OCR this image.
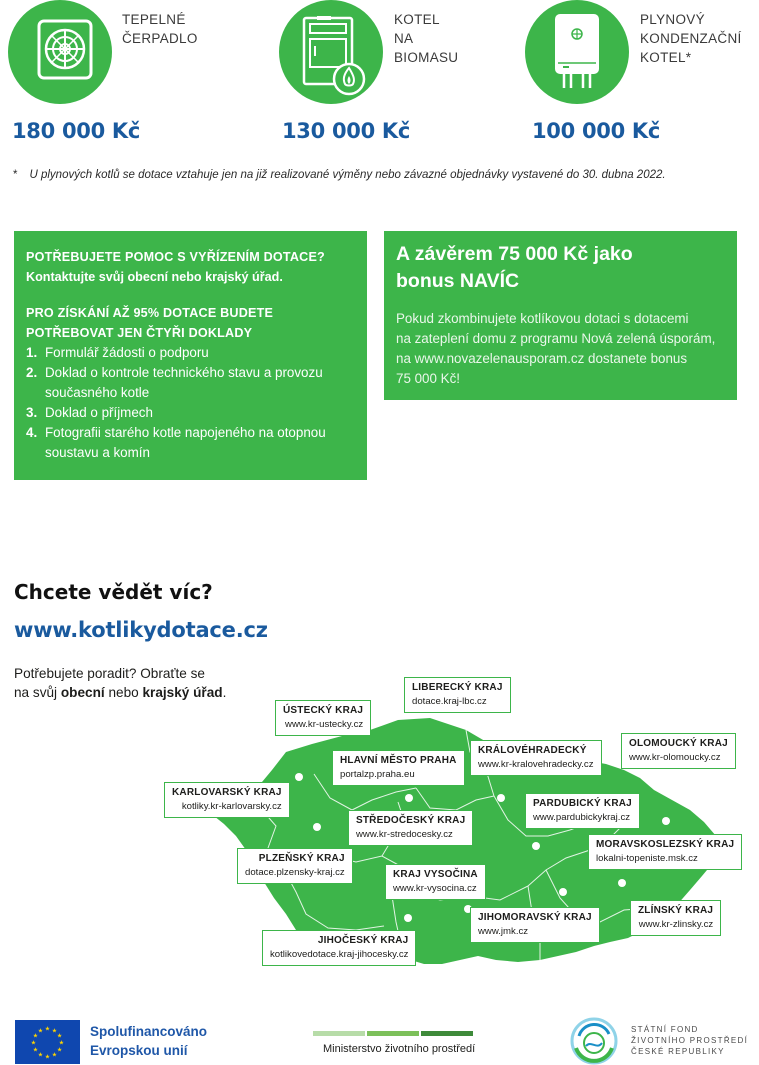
TEPELNÉ
ČERPADLO
180 000 Kč
KOTEL
NA BIOMASU
130 000 Kč
PLYNOVÝ
KONDENZAČNÍ
KOTEL*
100 000 Kč
* U plynových kotlů se dotace vztahuje jen na již realizované výměny nebo závazné objednávky vystavené do 30. dubna 2022.
POTŘEBUJETE POMOC S VYŘÍZENÍM DOTACE?
Kontaktujte svůj obecní nebo krajský úřad.
PRO ZÍSKÁNÍ AŽ 95% DOTACE BUDETE POTŘEBOVAT JEN ČTYŘI DOKLADY
1. Formulář žádosti o podporu
2. Doklad o kontrole technického stavu a provozu současného kotle
3. Doklad o příjmech
4. Fotografii starého kotle napojeného na otopnou soustavu a komín
A závěrem 75 000 Kč jako
bonus NAVÍC
Pokud zkombinujete kotlíkovou dotaci s dotacemi
na zateplení domu z programu Nová zelená úsporám,
na www.novazelenausporam.cz dostanete bonus
75 000 Kč!
Chcete vědět víc?
www.kotlikydotace.cz
Potřebujete poradit? Obraťte se
na svůj obecní nebo krajský úřad.	LIBERECKÝ KRAJ
dotace.kraj-lbc.cz
ÚSTECKÝ KRAJ
www.kr-ustecky.cz
HLAVNÍ MĚSTO PRAHA
portalzp.praha.eu
KRÁLOVÉHRADECKÝ
www.kr-kralovehradecky.cz
OLOMOUCKÝ KRAJ
www.kr-olomoucky.cz
KARLOVARSKÝ KRAJ
kotliky.kr-karlovarsky.cz	PARDUBICKÝ KRAJ
www.pardubickykraj.cz
STŘEDOČESKÝ KRAJ
www.kr-stredocesky.cz
MORAVSKOSLEZSKÝ KRAJ
lokalni-topeniste.msk.cz
PLZEŇSKÝ KRAJ
dotace.plzensky-kraj.cz	KRAJ VYSOČINA
www.kr-vysocina.cz
ZLÍNSKÝ KRAJ
www.kr-zlinsky.cz
JIHOMORAVSKÝ KRAJ
www.jmk.cz
JIHOČESKÝ KRAJ
kotlikovedotace.kraj-jihocesky.cz
★ ★
★
★
★
★
★
★
★
★
★
★	Spolufinancováno
Evropskou unií	Ministerstvo životního prostředí
STÁTNÍ FOND
ŽIVOTNÍHO PROSTŘEDÍ
ČESKÉ REPUBLIKY
